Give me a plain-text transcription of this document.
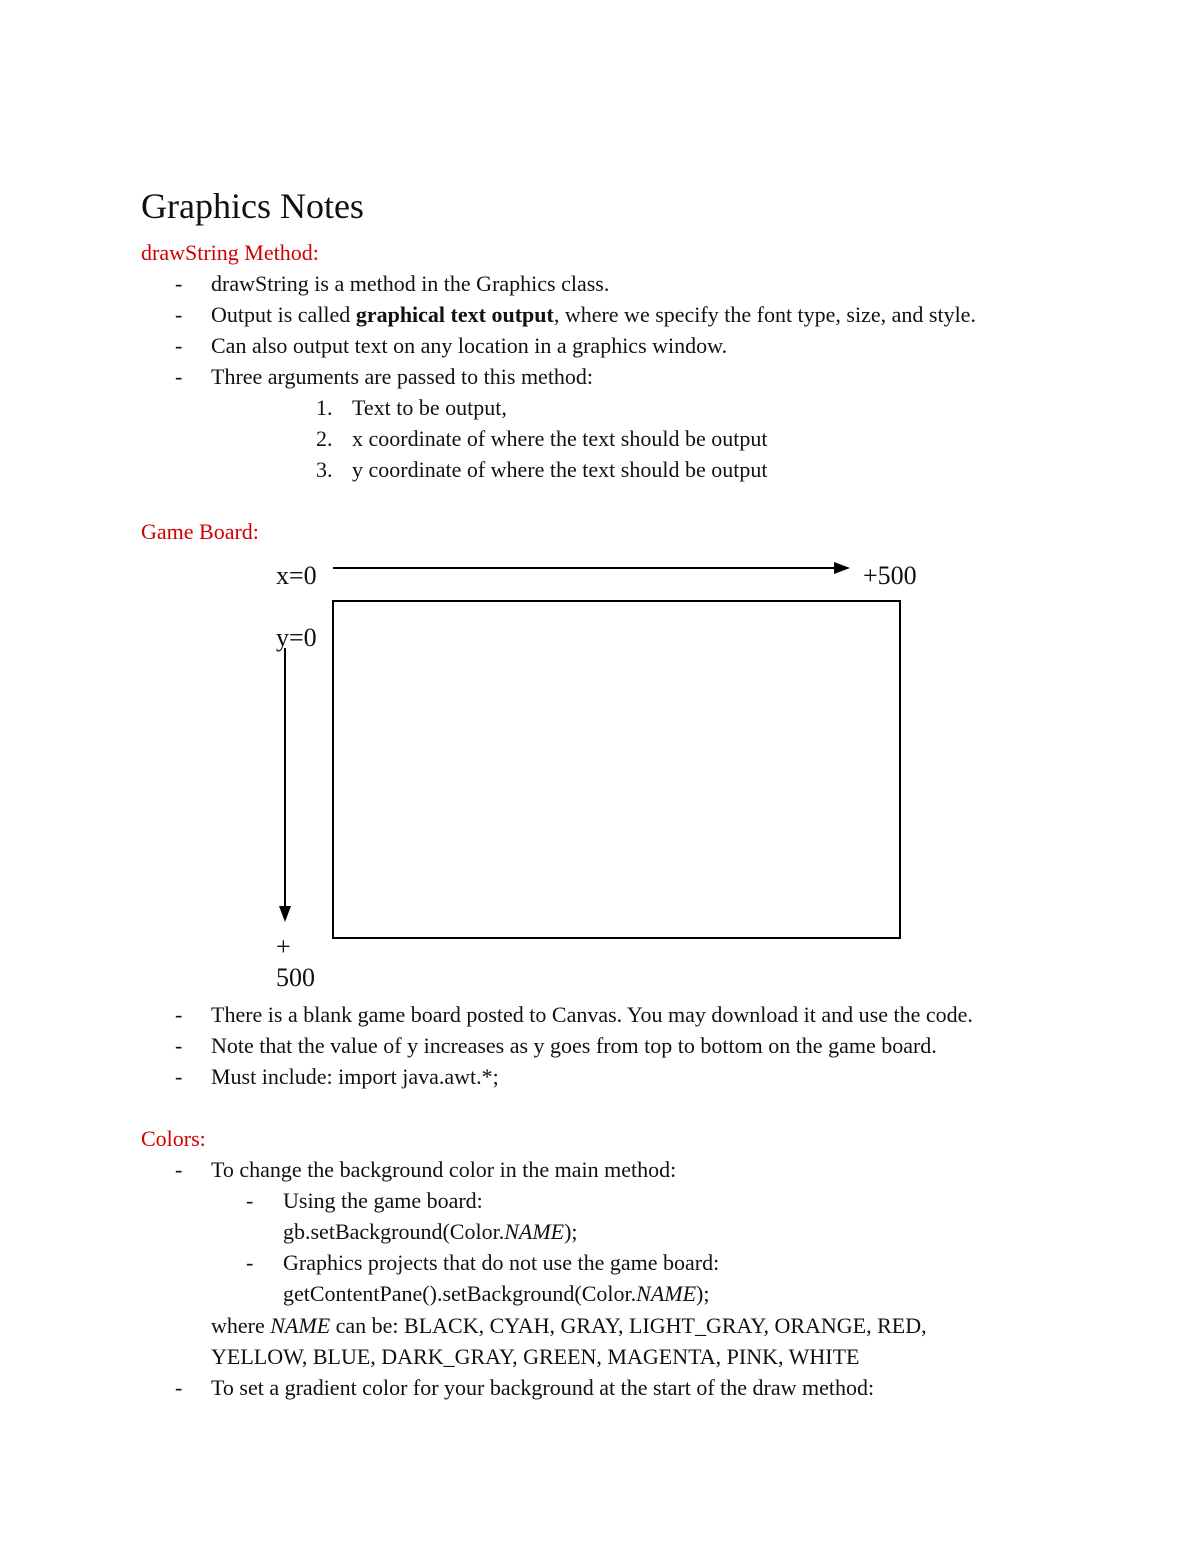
Graphics Notes
drawString Method:
- drawString is a method in the Graphics class.
- Output is called graphical text output, where we specify the font type, size, and style.
- Can also output text on any location in a graphics window.
- Three arguments are passed to this method:
1. Text to be output,
2. x coordinate of where the text should be output
3. y coordinate of where the text should be output
Game Board:
x=0	+500
y=0
+
500
- There is a blank game board posted to Canvas. You may download it and use the code.
- Note that the value of y increases as y goes from top to bottom on the game board.
- Must include: import java.awt.*;
Colors:
- To change the background color in the main method:
- Using the game board:
gb.setBackground(Color.NAME);
- Graphics projects that do not use the game board:
getContentPane().setBackground(Color.NAME);
where NAME can be: BLACK, CYAH, GRAY, LIGHT_GRAY, ORANGE, RED,
YELLOW, BLUE, DARK_GRAY, GREEN, MAGENTA, PINK, WHITE
- To set a gradient color for your background at the start of the draw method:
